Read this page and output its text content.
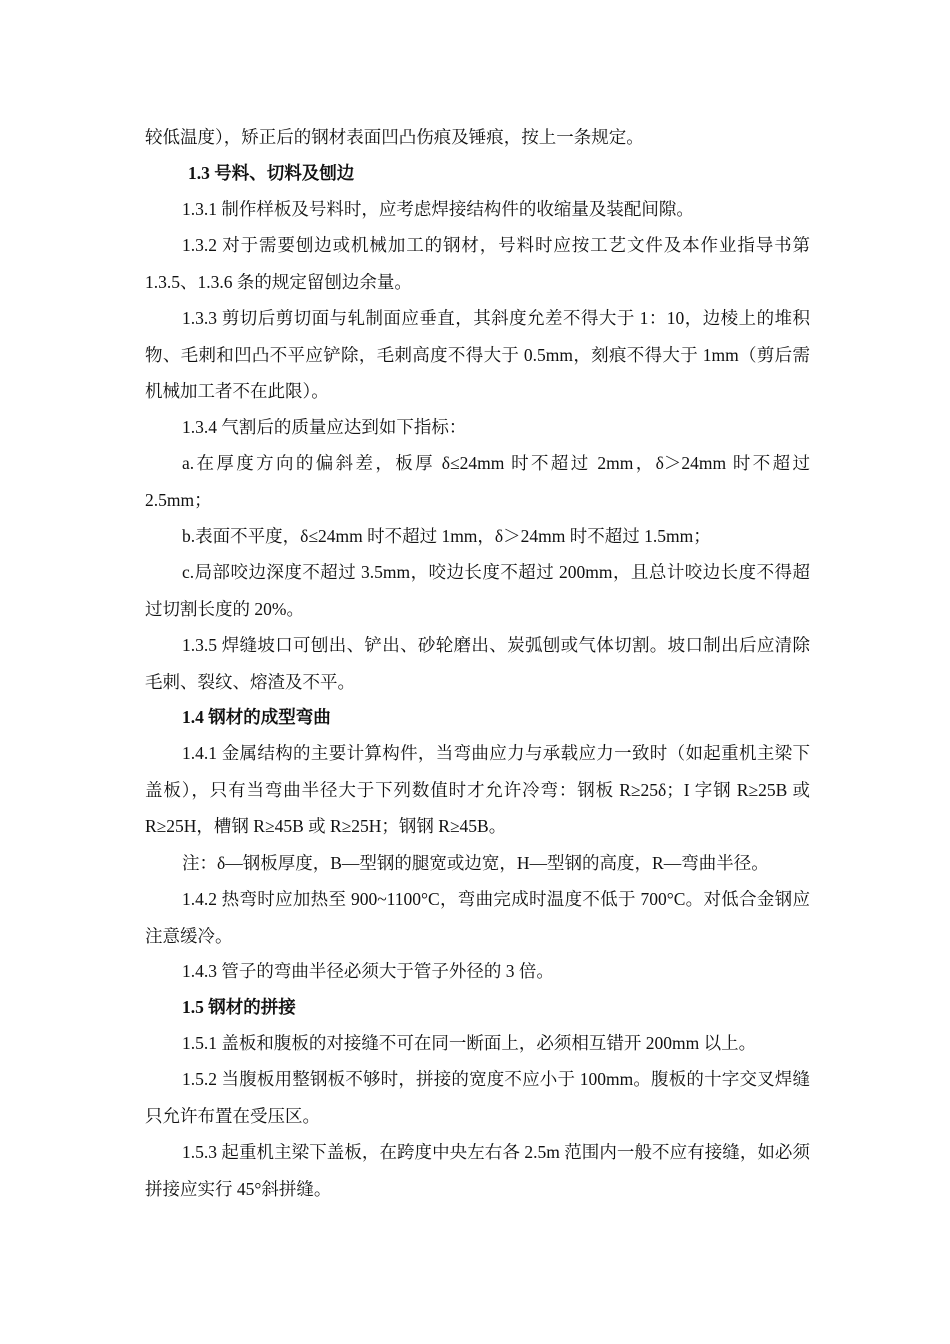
较低温度），矫正后的钢材表面凹凸伤痕及锤痕，按上一条规定。

1.3 号料、切料及刨边

1.3.1 制作样板及号料时，应考虑焊接结构件的收缩量及装配间隙。

1.3.2 对于需要刨边或机械加工的钢材，号料时应按工艺文件及本作业指导书第 1.3.5、1.3.6 条的规定留刨边余量。

1.3.3 剪切后剪切面与轧制面应垂直，其斜度允差不得大于 1：10，边棱上的堆积物、毛刺和凹凸不平应铲除，毛刺高度不得大于 0.5mm，刻痕不得大于 1mm（剪后需机械加工者不在此限）。

1.3.4 气割后的质量应达到如下指标：

a.在厚度方向的偏斜差，板厚 δ≤24mm 时不超过 2mm，δ＞24mm 时不超过 2.5mm；

b.表面不平度，δ≤24mm 时不超过 1mm，δ＞24mm 时不超过 1.5mm；

c.局部咬边深度不超过 3.5mm，咬边长度不超过 200mm，且总计咬边长度不得超过切割长度的 20%。

1.3.5 焊缝坡口可刨出、铲出、砂轮磨出、炭弧刨或气体切割。坡口制出后应清除毛刺、裂纹、熔渣及不平。

1.4 钢材的成型弯曲

1.4.1 金属结构的主要计算构件，当弯曲应力与承载应力一致时（如起重机主梁下盖板），只有当弯曲半径大于下列数值时才允许冷弯：钢板 R≥25δ；I 字钢 R≥25B 或 R≥25H，槽钢 R≥45B 或 R≥25H；钢钢 R≥45B。

注：δ—钢板厚度，B—型钢的腿宽或边宽，H—型钢的高度，R—弯曲半径。

1.4.2 热弯时应加热至 900~1100°C，弯曲完成时温度不低于 700°C。对低合金钢应注意缓冷。

1.4.3 管子的弯曲半径必须大于管子外径的 3 倍。

1.5 钢材的拼接

1.5.1 盖板和腹板的对接缝不可在同一断面上，必须相互错开 200mm 以上。

1.5.2 当腹板用整钢板不够时，拼接的宽度不应小于 100mm。腹板的十字交叉焊缝只允许布置在受压区。

1.5.3 起重机主梁下盖板，在跨度中央左右各 2.5m 范围内一般不应有接缝，如必须拼接应实行 45°斜拼缝。
